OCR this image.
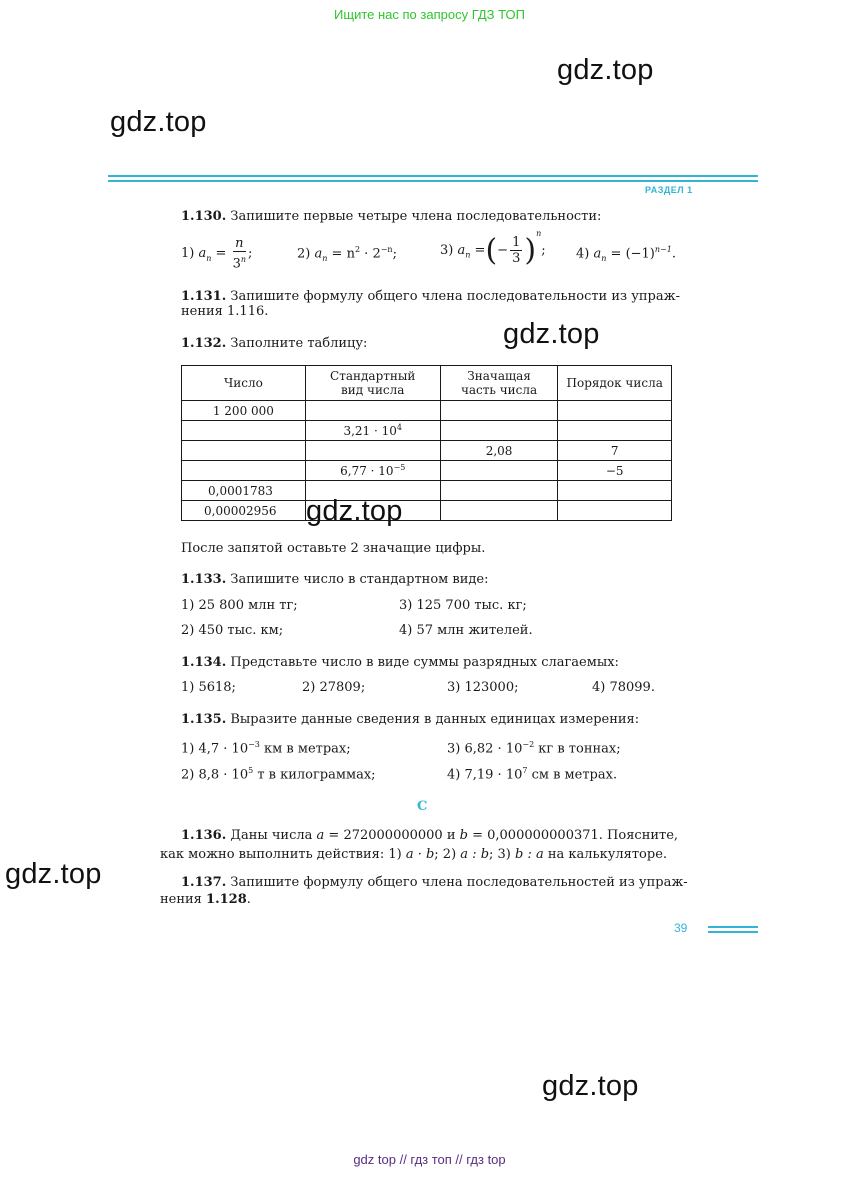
Ищите нас по запросу ГДЗ ТОП
gdz.top
gdz.top
РАЗДЕЛ 1
1.130. Запишите первые четыре члена последовательности:
1) $a_n = \frac{n}{3^n}$ ;	2) $a_n = n^2 \cdot 2^{-n}$;	3) $a_n$ =(− $\frac{1}{3} )^n$; 4) $a_n = (-1)^{n-1}$.
1.131. Запишите формулу общего члена последовательности из упраж-
нения 1.116.
gdz.top
1.132. Заполните таблицу:
Число	Стандартный вид числа	Значащая часть числа	Порядок числа
1 200 000			
	$3,21 \cdot 10^4$		
		2,08	7
	$6,77 \cdot 10^{-5}$		−5
0,0001783			
0,00002956			gdz.top
После запятой оставьте 2 значащие цифры.
1.133. Запишите число в стандартном виде:
1) 25 800 млн тг;	3) 125 700 тыс. кг;
2) 450 тыс. км;	4) 57 млн жителей.
1.134. Представьте число в виде суммы разрядных слагаемых:
1) 5618;	2) 27809;	3) 123000;	4) 78099.
1.135. Выразите данные сведения в данных единицах измерения:
1) $4,7 \cdot 10^{-3}$ км в метрах;	3) $6,82 \cdot 10^{-2}$ кг в тоннах;
2) $8,8 \cdot 10^5$ т в килограммах;	4) $7,19 \cdot 10^7$ см в метрах.
C
1.136. Даны числа a = 272000000000 и b = 0,000000000371. Поясните,
как можно выполнить действия: 1) a · b; 2) a : b; 3) b : a на калькуляторе.
gdz.top	1.137. Запишите формулу общего члена последовательностей из упраж-
нения 1.128.
39
gdz.top
gdz top // гдз топ // гдз top
